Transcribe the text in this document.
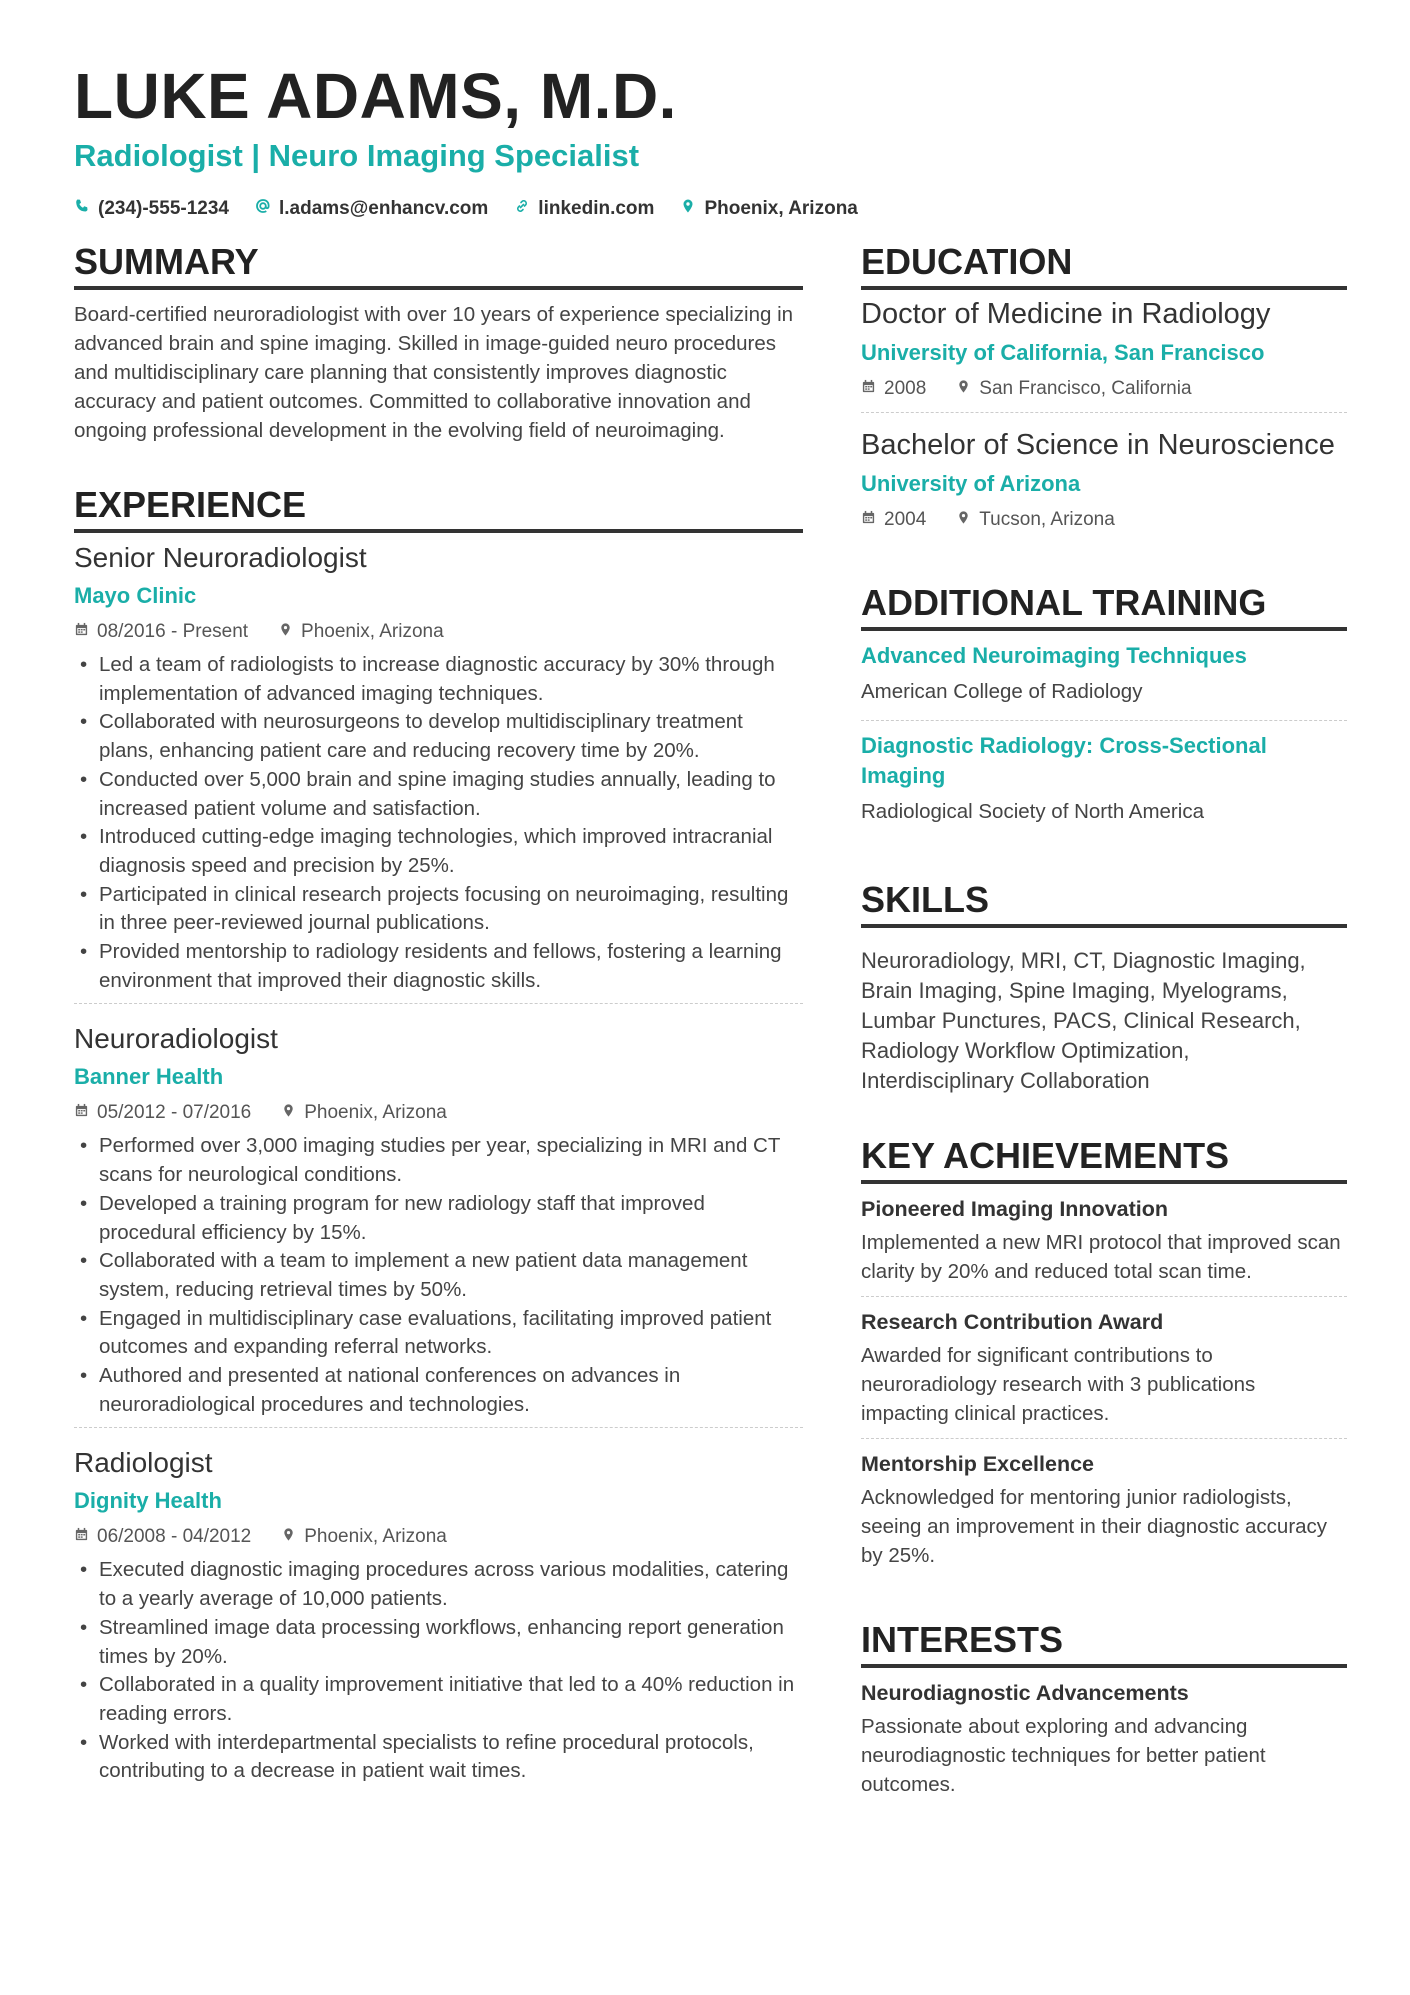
LUKE ADAMS, M.D.
Radiologist | Neuro Imaging Specialist
(234)-555-1234	l.adams@enhancv.com	linkedin.com	Phoenix, Arizona
SUMMARY
Board-certified neuroradiologist with over 10 years of experience specializing in advanced brain and spine imaging. Skilled in image-guided neuro procedures and multidisciplinary care planning that consistently improves diagnostic accuracy and patient outcomes. Committed to collaborative innovation and ongoing professional development in the evolving field of neuroimaging.
EXPERIENCE
Senior Neuroradiologist
Mayo Clinic
08/2016 - Present	Phoenix, Arizona
• Led a team of radiologists to increase diagnostic accuracy by 30% through implementation of advanced imaging techniques.
• Collaborated with neurosurgeons to develop multidisciplinary treatment plans, enhancing patient care and reducing recovery time by 20%.
• Conducted over 5,000 brain and spine imaging studies annually, leading to increased patient volume and satisfaction.
• Introduced cutting-edge imaging technologies, which improved intracranial diagnosis speed and precision by 25%.
• Participated in clinical research projects focusing on neuroimaging, resulting in three peer-reviewed journal publications.
• Provided mentorship to radiology residents and fellows, fostering a learning environment that improved their diagnostic skills.
Neuroradiologist
Banner Health
05/2012 - 07/2016	Phoenix, Arizona
• Performed over 3,000 imaging studies per year, specializing in MRI and CT scans for neurological conditions.
• Developed a training program for new radiology staff that improved procedural efficiency by 15%.
• Collaborated with a team to implement a new patient data management system, reducing retrieval times by 50%.
• Engaged in multidisciplinary case evaluations, facilitating improved patient outcomes and expanding referral networks.
• Authored and presented at national conferences on advances in neuroradiological procedures and technologies.
Radiologist
Dignity Health
06/2008 - 04/2012	Phoenix, Arizona
• Executed diagnostic imaging procedures across various modalities, catering to a yearly average of 10,000 patients.
• Streamlined image data processing workflows, enhancing report generation times by 20%.
• Collaborated in a quality improvement initiative that led to a 40% reduction in reading errors.
• Worked with interdepartmental specialists to refine procedural protocols, contributing to a decrease in patient wait times.
EDUCATION
Doctor of Medicine in Radiology
University of California, San Francisco
2008	San Francisco, California
Bachelor of Science in Neuroscience
University of Arizona
2004	Tucson, Arizona
ADDITIONAL TRAINING
Advanced Neuroimaging Techniques
American College of Radiology
Diagnostic Radiology: Cross-Sectional Imaging
Radiological Society of North America
SKILLS
Neuroradiology, MRI, CT, Diagnostic Imaging, Brain Imaging, Spine Imaging, Myelograms, Lumbar Punctures, PACS, Clinical Research, Radiology Workflow Optimization, Interdisciplinary Collaboration
KEY ACHIEVEMENTS
Pioneered Imaging Innovation
Implemented a new MRI protocol that improved scan clarity by 20% and reduced total scan time.
Research Contribution Award
Awarded for significant contributions to neuroradiology research with 3 publications impacting clinical practices.
Mentorship Excellence
Acknowledged for mentoring junior radiologists, seeing an improvement in their diagnostic accuracy by 25%.
INTERESTS
Neurodiagnostic Advancements
Passionate about exploring and advancing neurodiagnostic techniques for better patient outcomes.
